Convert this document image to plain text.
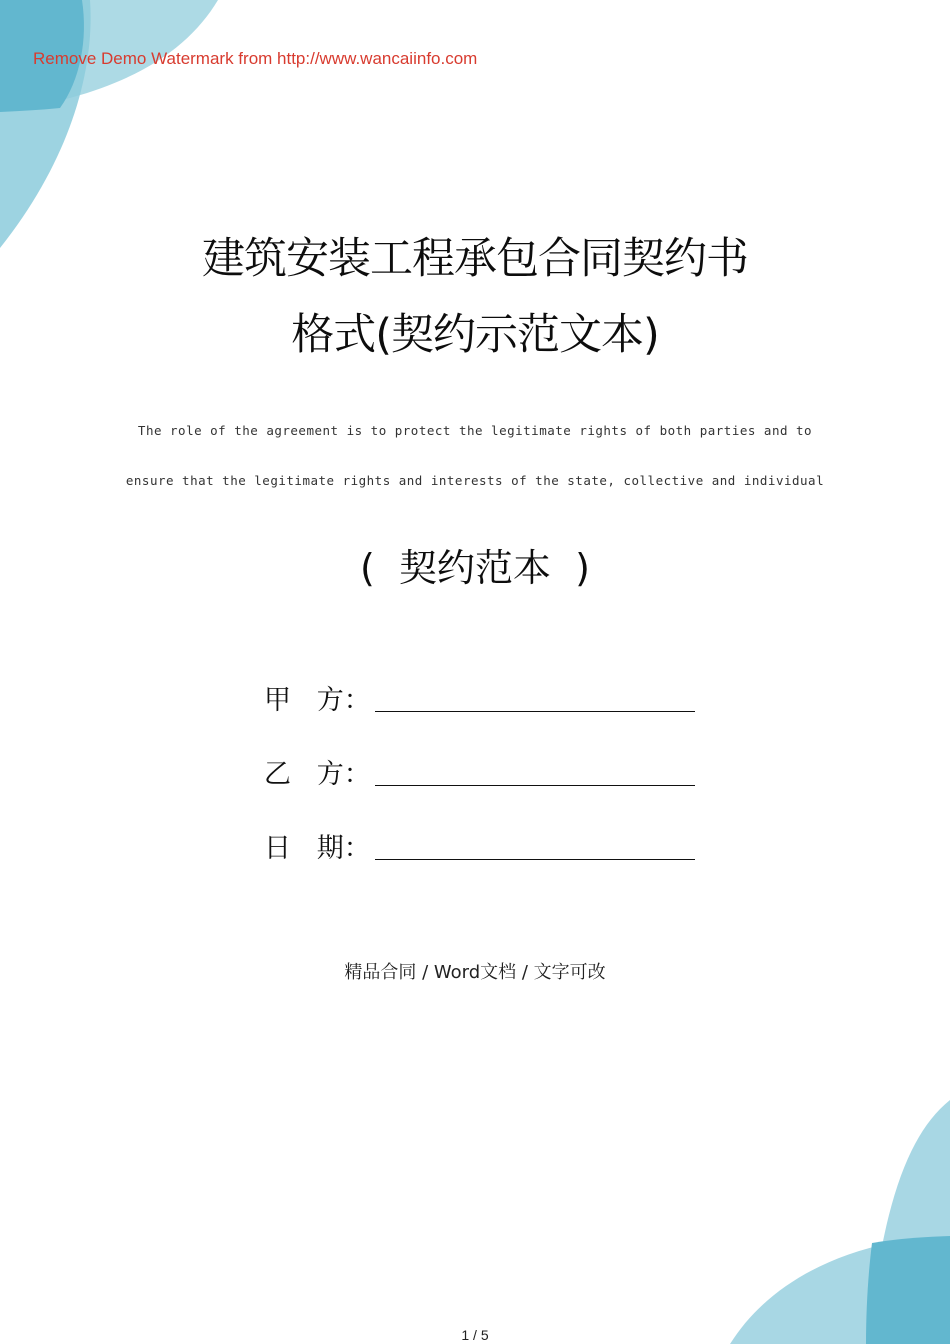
Remove Demo Watermark from http://www.wancaiinfo.com
建筑安装工程承包合同契约书
格式(契约示范文本)
The role of the agreement is to protect the legitimate rights of both parties and to
ensure that the legitimate rights and interests of the state, collective and individual
(  契约范本  )
甲   方：
乙   方：
日   期：
精品合同 / Word文档 / 文字可改
1 / 5
